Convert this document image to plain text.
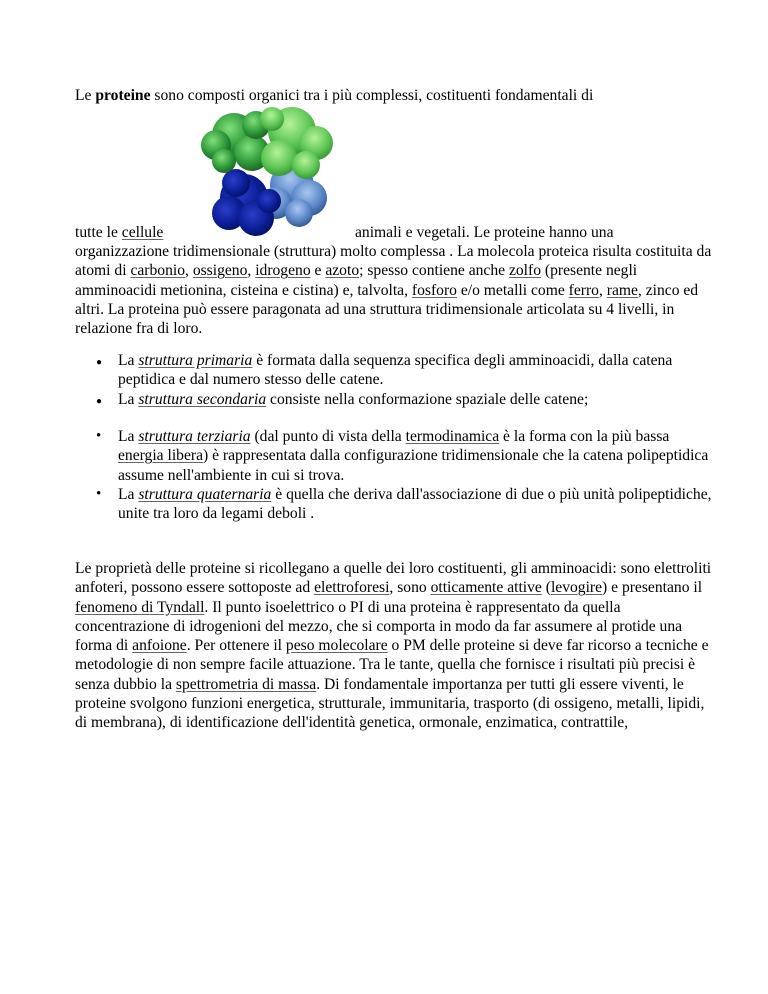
Le proteine sono composti organici tra i più complessi, costituenti fondamentali di
tutte le cellule	animali e vegetali. Le proteine hanno una
organizzazione tridimensionale (struttura) molto complessa . La molecola proteica risulta costituita da atomi di carbonio, ossigeno, idrogeno e azoto; spesso contiene anche zolfo (presente negli amminoacidi metionina, cisteina e cistina) e, talvolta, fosforo e/o metalli come ferro, rame, zinco ed altri. La proteina può essere paragonata ad una struttura tridimensionale articolata su 4 livelli, in relazione fra di loro.
● La struttura primaria è formata dalla sequenza specifica degli amminoacidi, dalla catena peptidica e dal numero stesso delle catene.
● La struttura secondaria consiste nella conformazione spaziale delle catene;
• La struttura terziaria (dal punto di vista della termodinamica è la forma con la più bassa energia libera) è rappresentata dalla configurazione tridimensionale che la catena polipeptidica assume nell'ambiente in cui si trova.
• La struttura quaternaria è quella che deriva dall'associazione di due o più unità polipeptidiche, unite tra loro da legami deboli .
Le proprietà delle proteine si ricollegano a quelle dei loro costituenti, gli amminoacidi: sono elettroliti anfoteri, possono essere sottoposte ad elettroforesi, sono otticamente attive (levogire) e presentano il fenomeno di Tyndall. Il punto isoelettrico o PI di una proteina è rappresentato da quella concentrazione di idrogenioni del mezzo, che si comporta in modo da far assumere al protide una forma di anfoione. Per ottenere il peso molecolare o PM delle proteine si deve far ricorso a tecniche e metodologie di non sempre facile attuazione. Tra le tante, quella che fornisce i risultati più precisi è senza dubbio la spettrometria di massa. Di fondamentale importanza per tutti gli essere viventi, le proteine svolgono funzioni energetica, strutturale, immunitaria, trasporto (di ossigeno, metalli, lipidi, di membrana), di identificazione dell'identità genetica, ormonale, enzimatica, contrattile,
